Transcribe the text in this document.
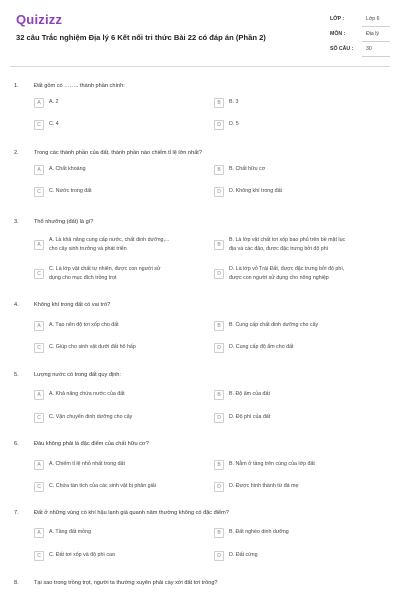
Quizizz
32 câu Trắc nghiệm Địa lý 6 Kết nối tri thức Bài 22 có đáp án (Phần 2)
LỚP :	Lớp 6
MÔN :	Địa lý
SỐ CÂU : 30
1.	Đất gồm có …….. thành phần chính:
A	A. 2	B	B. 3
C	C. 4	D	D. 5
2.	Trong các thành phần của đất, thành phần nào chiếm tỉ lệ lớn nhất?
A	A. Chất khoáng	B	B. Chất hữu cơ
C	C. Nước trong đất	D	D. Không khí trong đất
3.	Thổ nhưỡng (đất) là gì?
A
A. Là khả năng cung cấp nước, chất dinh dưỡng,...
cho cây sinh trưởng và phát triển
B
B. Là lớp vật chất tơi xốp bao phủ trên bề mặt lục
địa và các đảo, được đặc trưng bởi độ phì
C
C. Là lớp vật chất tự nhiên, được con người sử
dụng cho mục đích trồng trọt
D
D. Là lớp vỏ Trái Đất, được đặc trưng bởi độ phì,
được con người sử dụng cho nông nghiệp
4.	Không khí trong đất có vai trò?
A	A. Tạo nên độ tơi xốp cho đất	B	B. Cung cấp chất dinh dưỡng cho cây
C	C. Giúp cho sinh vật dưới đất hô hấp	D	D. Cung cấp độ ẩm cho đất
5.	Lượng nước có trong đất quy định:
A	A. Khả năng chứa nước của đất	B	B. Độ ẩm của đất
C	C. Vận chuyển dinh dưỡng cho cây	D	D. Độ phì của đất
6.	Đâu không phải là đặc điểm của chất hữu cơ?
A	A. Chiếm tỉ lệ nhỏ nhất trong đất	B	B. Nằm ở tầng trên cùng của lớp đất
C	C. Chứa tàn tích của các sinh vật bị phân giải	D	D. Được hình thành từ đá mẹ
7.	Đất ở những vùng có khí hậu lạnh giá quanh năm thường không có đặc điểm?
A	A. Tầng đất mỏng	B	B. Đất nghèo dinh dưỡng
C	C. Đất tơi xốp và độ phì cao	D	D. Đất cứng
8.	Tại sao trong trồng trọt, người ta thường xuyên phải cày xới đất tơi trồng?
